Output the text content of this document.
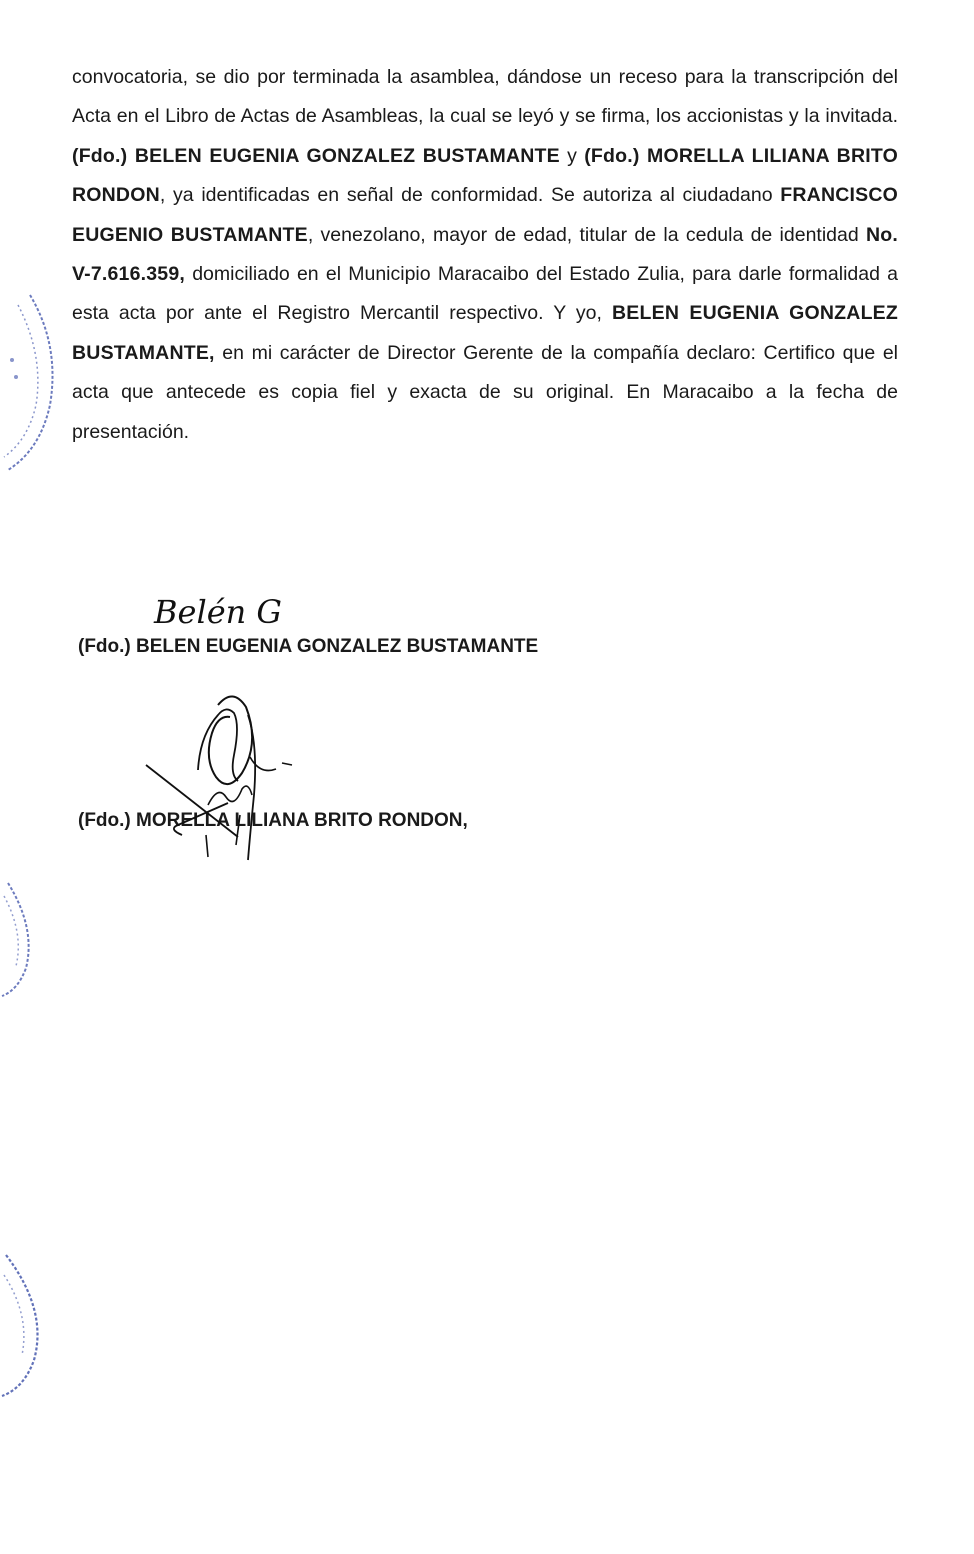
convocatoria, se dio por terminada la asamblea, dándose un receso para la transcripción del Acta en el Libro de Actas de Asambleas, la cual se leyó y se firma, los accionistas y la invitada. (Fdo.) BELEN EUGENIA GONZALEZ BUSTAMANTE y (Fdo.) MORELLA LILIANA BRITO RONDON, ya identificadas en señal de conformidad. Se autoriza al ciudadano FRANCISCO EUGENIO BUSTAMANTE, venezolano, mayor de edad, titular de la cedula de identidad No. V-7.616.359, domiciliado en el Municipio Maracaibo del Estado Zulia, para darle formalidad a esta acta por ante el Registro Mercantil respectivo. Y yo, BELEN EUGENIA GONZALEZ BUSTAMANTE, en mi carácter de Director Gerente de la compañía declaro: Certifico que el acta que antecede es copia fiel y exacta de su original. En Maracaibo a la fecha de presentación.

Belén G
(Fdo.) BELEN EUGENIA GONZALEZ BUSTAMANTE
(Fdo.) MORELLA LILIANA BRITO RONDON,
